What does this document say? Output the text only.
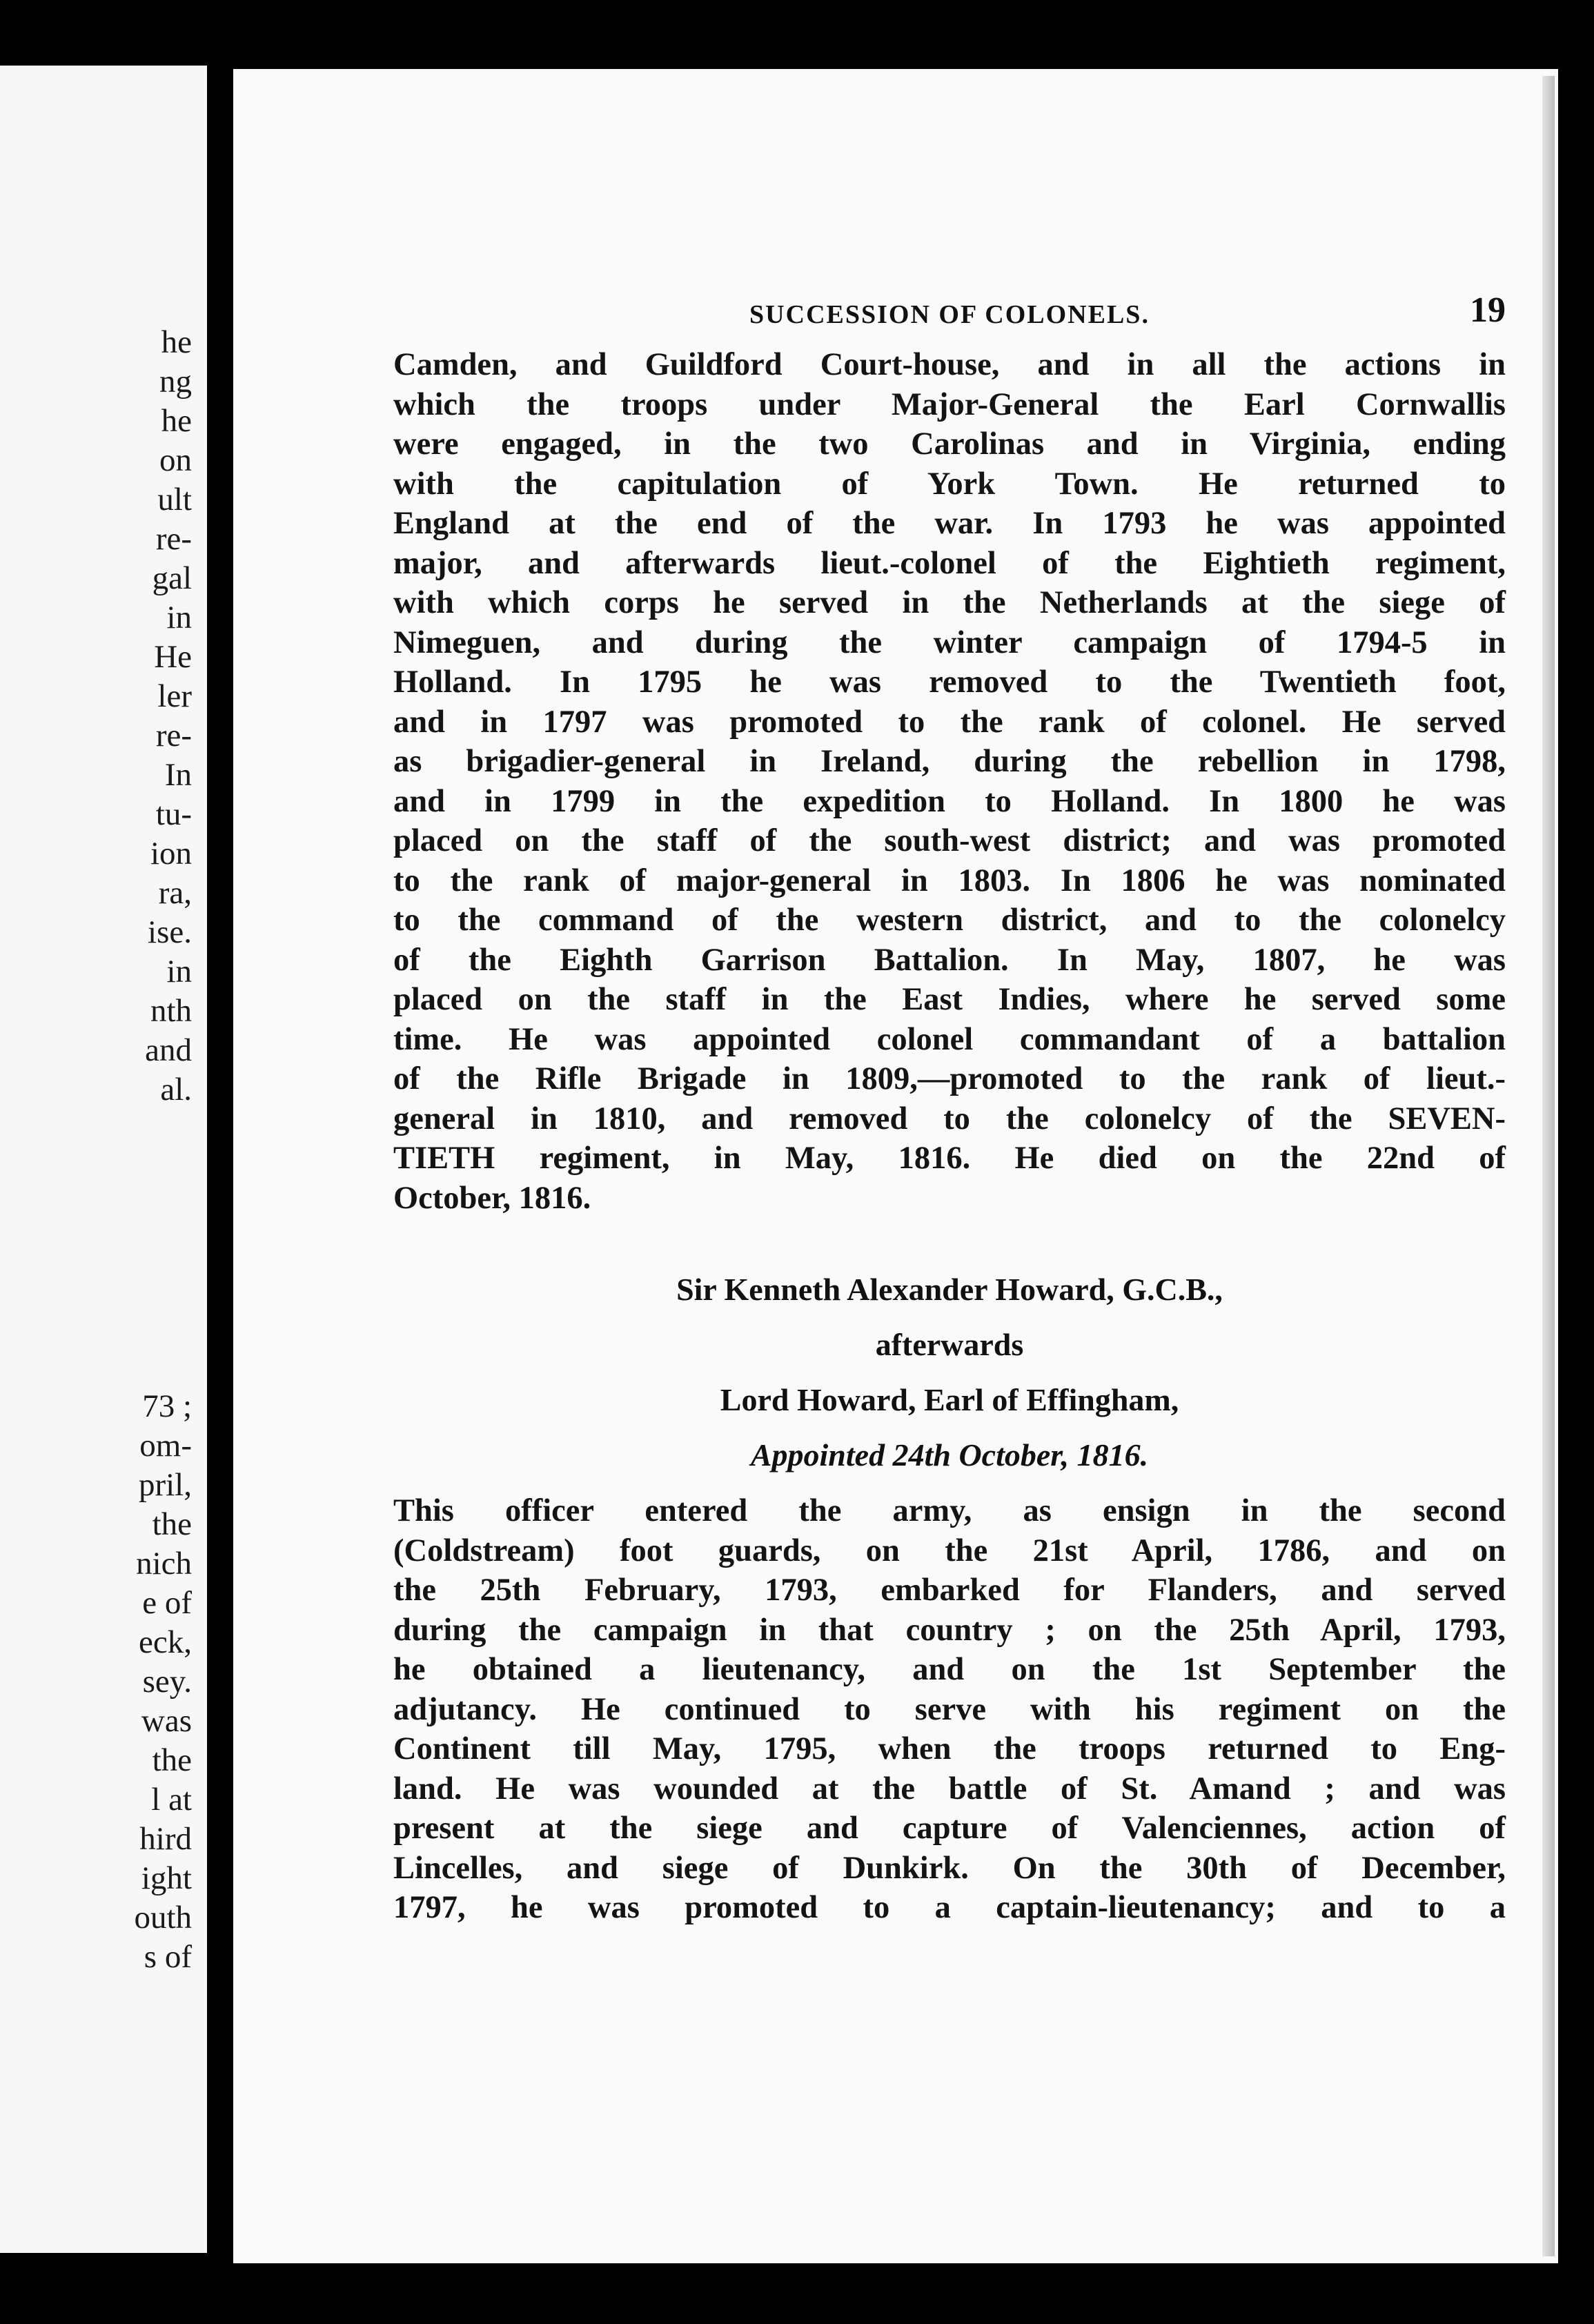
he

ng

he

on

ult

re-

gal

in

He

ler

re-

In

tu-

ion

ra,

ise.

in

nth

and

al.

73 ;

om-

pril,

the

nich

e of

eck,

sey.

was

the

l at

hird

ight

outh

s of

SUCCESSION OF COLONELS.	19
Camden, and Guildford Court-house, and in all the actions in
which the troops under Major-General the Earl Cornwallis
were engaged, in the two Carolinas and in Virginia, ending
with the capitulation of York Town. He returned to
England at the end of the war. In 1793 he was appointed
major, and afterwards lieut.-colonel of the Eightieth regiment,
with which corps he served in the Netherlands at the siege of
Nimeguen, and during the winter campaign of 1794-5 in
Holland. In 1795 he was removed to the Twentieth foot,
and in 1797 was promoted to the rank of colonel. He served
as brigadier-general in Ireland, during the rebellion in 1798,
and in 1799 in the expedition to Holland. In 1800 he was
placed on the staff of the south-west district; and was promoted
to the rank of major-general in 1803. In 1806 he was nominated
to the command of the western district, and to the colonelcy
of the Eighth Garrison Battalion. In May, 1807, he was
placed on the staff in the East Indies, where he served some
time. He was appointed colonel commandant of a battalion
of the Rifle Brigade in 1809,—promoted to the rank of lieut.-
general in 1810, and removed to the colonelcy of the SEVEN-
TIETH regiment, in May, 1816. He died on the 22nd of
October, 1816.
Sir Kenneth Alexander Howard, G.C.B.,
afterwards
Lord Howard, Earl of Effingham,
Appointed 24th October, 1816.
This officer entered the army, as ensign in the second
(Coldstream) foot guards, on the 21st April, 1786, and on
the 25th February, 1793, embarked for Flanders, and served
during the campaign in that country ; on the 25th April, 1793,
he obtained a lieutenancy, and on the 1st September the
adjutancy. He continued to serve with his regiment on the
Continent till May, 1795, when the troops returned to Eng-
land. He was wounded at the battle of St. Amand ; and was
present at the siege and capture of Valenciennes, action of
Lincelles, and siege of Dunkirk. On the 30th of December,
1797, he was promoted to a captain-lieutenancy; and to a
